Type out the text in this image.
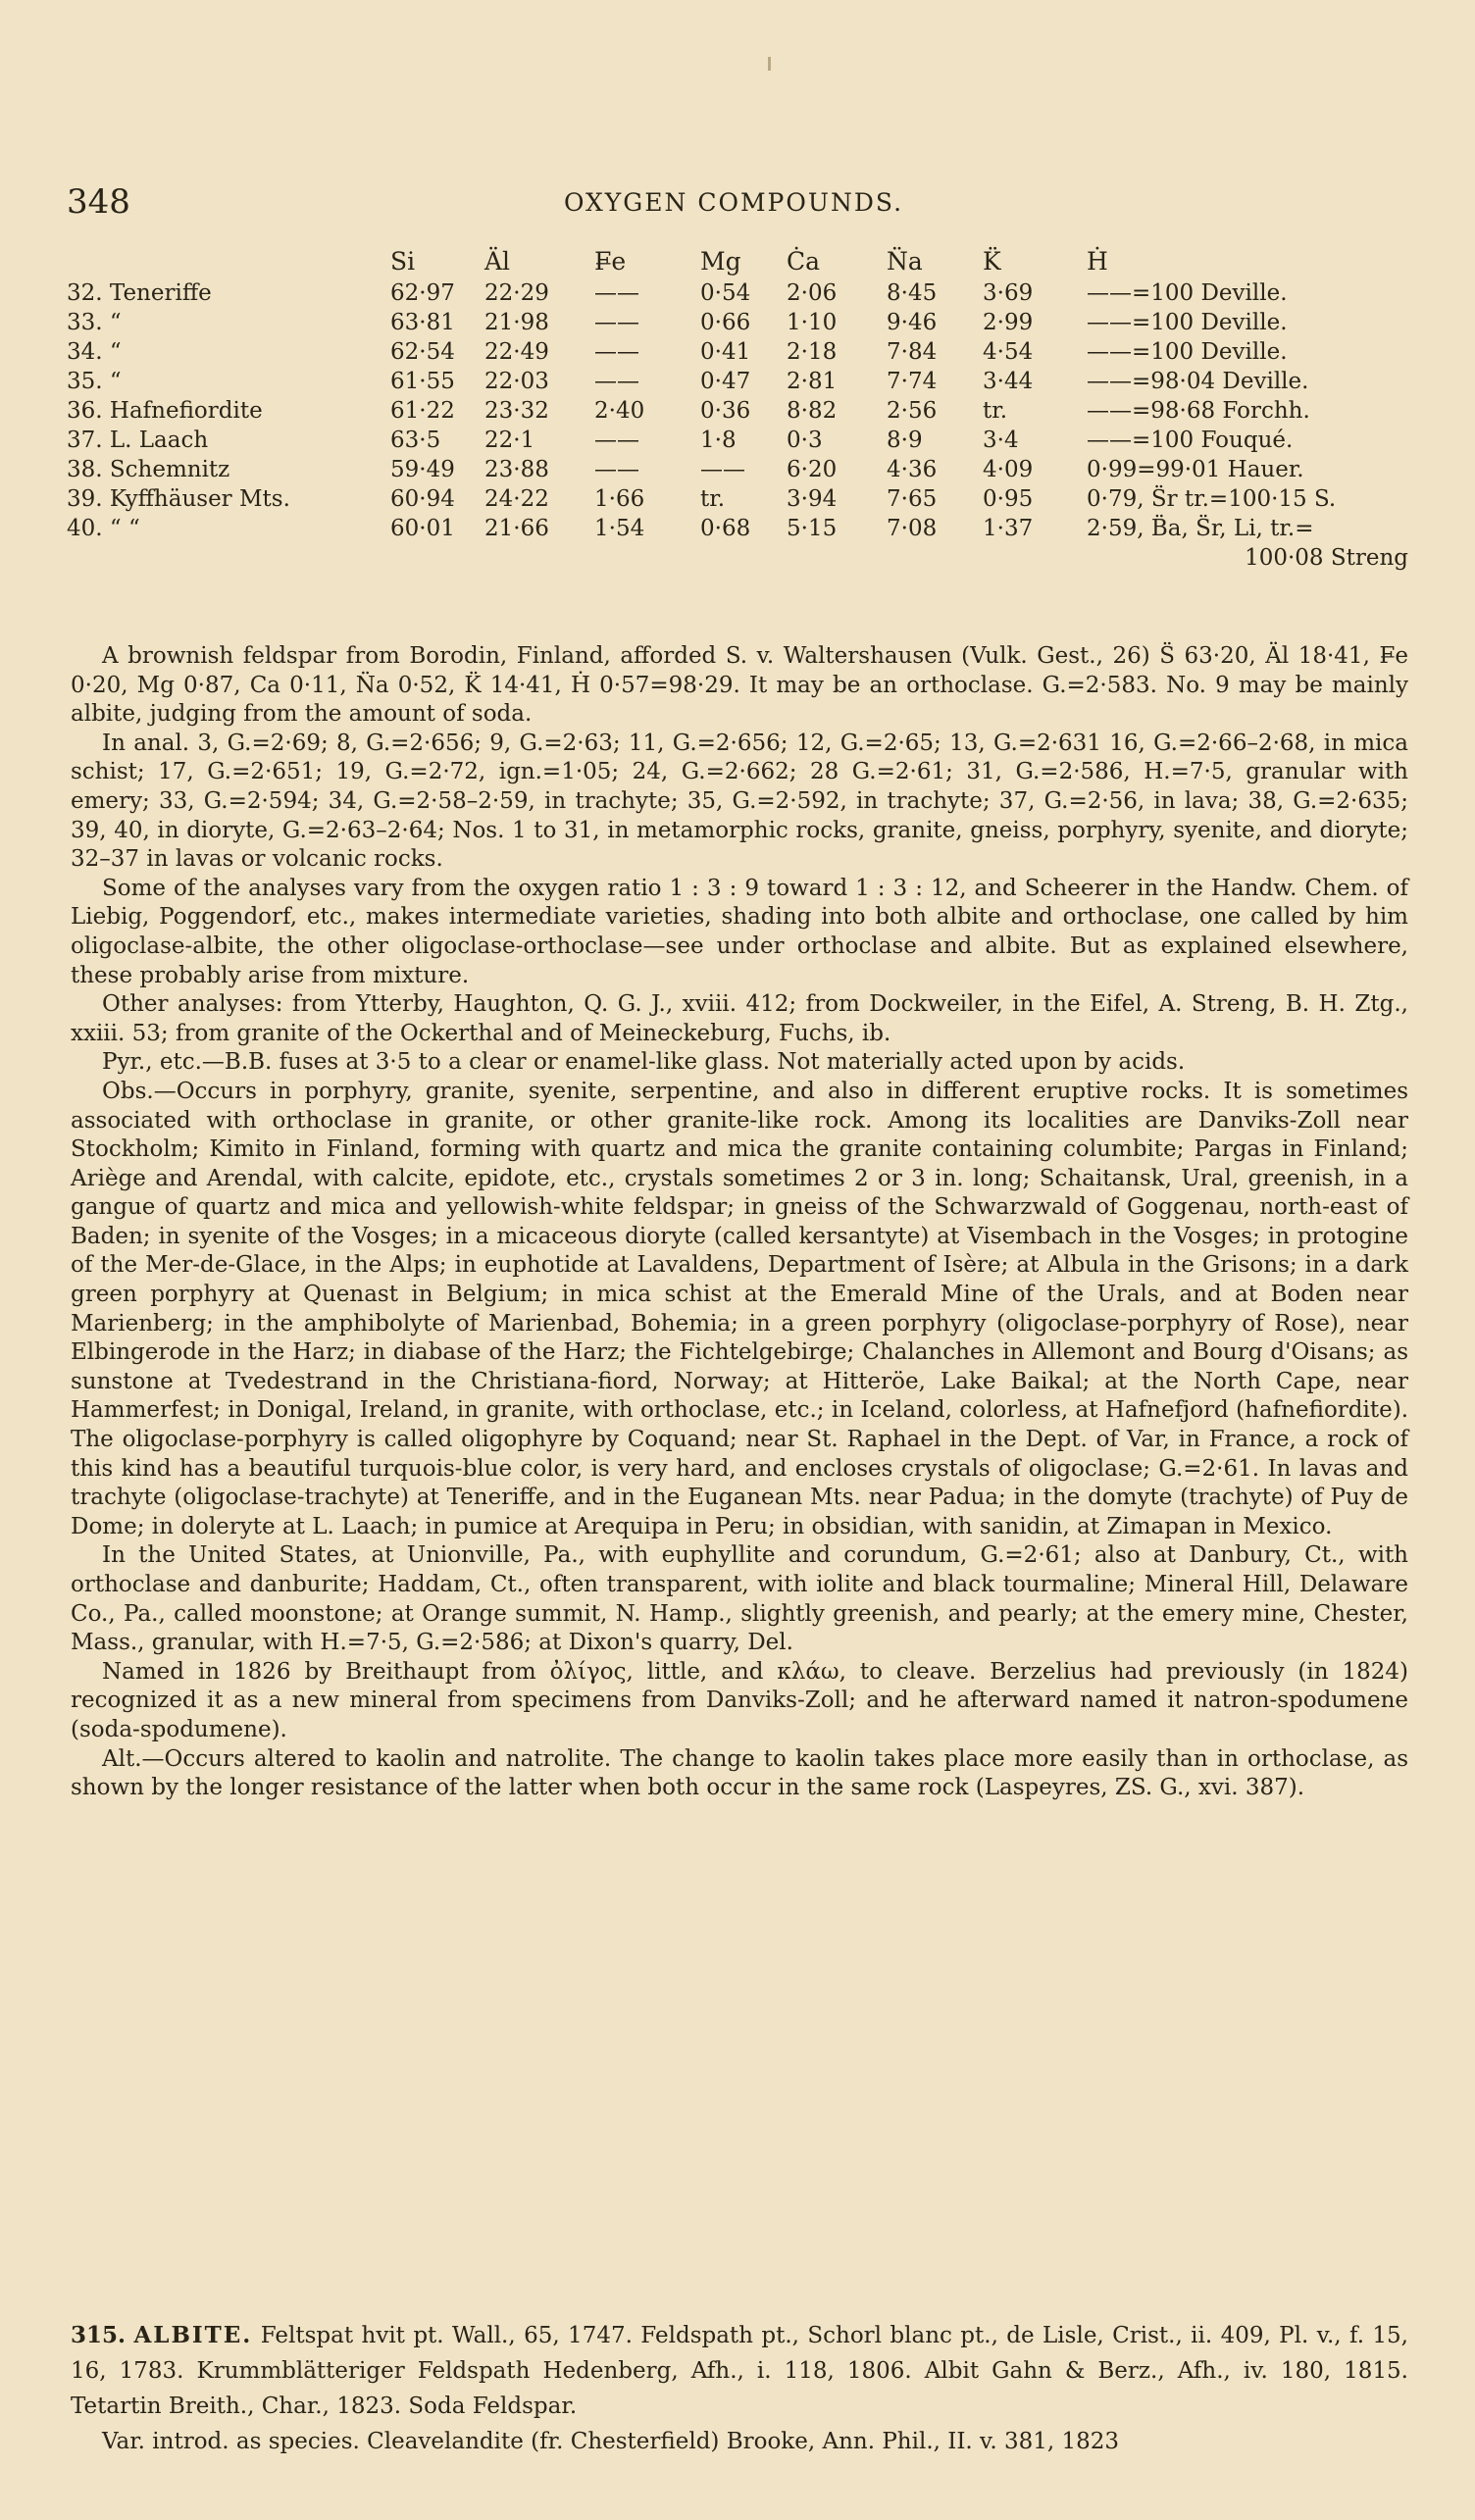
348	OXYGEN COMPOUNDS.
Si	Äl	F̶e	Mg Ċa	N̈a K̈	Ḣ
32. Teneriffe	62·97 22·29 ——	0·54 2·06 8·45 3·69 ——=100 Deville.
33. “	63·81 21·98 ——	0·66 1·10 9·46 2·99 ——=100 Deville.
34. “	62·54 22·49 ——	0·41 2·18 7·84 4·54 ——=100 Deville.
35. “	61·55 22·03 ——	0·47 2·81 7·74 3·44 ——=98·04 Deville.
36. Hafnefiordite	61·22 23·32 2·40 0·36 8·82 2·56 tr.	——=98·68 Forchh.
37. L. Laach	63·5 22·1	——	1·8 0·3	8·9	3·4	——=100 Fouqué.
38. Schemnitz	59·49 23·88 ——	—— 6·20 4·36 4·09 0·99=99·01 Hauer.
39. Kyffhäuser Mts.	60·94 24·22 1·66 tr.	3·94 7·65 0·95 0·79, S̈r tr.=100·15 S.
40. “ “	60·01 21·66 1·54 0·68 5·15 7·08 1·37 2·59, B̈a, S̈r, Li, tr.=
100·08 Streng

A brownish feldspar from Borodin, Finland, afforded S. v. Waltershausen (Vulk. Gest., 26) S̈ 63·20, Äl 18·41, F̶e 0·20, Mg 0·87, Ca 0·11, N̈a 0·52, K̈ 14·41, Ḣ 0·57=98·29. It may be an orthoclase. G.=2·583. No. 9 may be mainly albite, judging from the amount of soda.

In anal. 3, G.=2·69; 8, G.=2·656; 9, G.=2·63; 11, G.=2·656; 12, G.=2·65; 13, G.=2·631 16, G.=2·66–2·68, in mica schist; 17, G.=2·651; 19, G.=2·72, ign.=1·05; 24, G.=2·662; 28 G.=2·61; 31, G.=2·586, H.=7·5, granular with emery; 33, G.=2·594; 34, G.=2·58–2·59, in trachyte; 35, G.=2·592, in trachyte; 37, G.=2·56, in lava; 38, G.=2·635; 39, 40, in dioryte, G.=2·63–2·64; Nos. 1 to 31, in metamorphic rocks, granite, gneiss, porphyry, syenite, and dioryte; 32–37 in lavas or volcanic rocks.

Some of the analyses vary from the oxygen ratio 1 : 3 : 9 toward 1 : 3 : 12, and Scheerer in the Handw. Chem. of Liebig, Poggendorf, etc., makes intermediate varieties, shading into both albite and orthoclase, one called by him oligoclase-albite, the other oligoclase-orthoclase—see under orthoclase and albite. But as explained elsewhere, these probably arise from mixture.

Other analyses: from Ytterby, Haughton, Q. G. J., xviii. 412; from Dockweiler, in the Eifel, A. Streng, B. H. Ztg., xxiii. 53; from granite of the Ockerthal and of Meineckeburg, Fuchs, ib.

Pyr., etc.—B.B. fuses at 3·5 to a clear or enamel-like glass. Not materially acted upon by acids.

Obs.—Occurs in porphyry, granite, syenite, serpentine, and also in different eruptive rocks. It is sometimes associated with orthoclase in granite, or other granite-like rock. Among its localities are Danviks-Zoll near Stockholm; Kimito in Finland, forming with quartz and mica the granite containing columbite; Pargas in Finland; Ariège and Arendal, with calcite, epidote, etc., crystals sometimes 2 or 3 in. long; Schaitansk, Ural, greenish, in a gangue of quartz and mica and yellowish-white feldspar; in gneiss of the Schwarzwald of Goggenau, north-east of Baden; in syenite of the Vosges; in a micaceous dioryte (called kersantyte) at Visembach in the Vosges; in protogine of the Mer-de-Glace, in the Alps; in euphotide at Lavaldens, Department of Isère; at Albula in the Grisons; in a dark green porphyry at Quenast in Belgium; in mica schist at the Emerald Mine of the Urals, and at Boden near Marienberg; in the amphibolyte of Marienbad, Bohemia; in a green porphyry (oligoclase-porphyry of Rose), near Elbingerode in the Harz; in diabase of the Harz; the Fichtelgebirge; Chalanches in Allemont and Bourg d'Oisans; as sunstone at Tvedestrand in the Christiana-fiord, Norway; at Hitteröe, Lake Baikal; at the North Cape, near Hammerfest; in Donigal, Ireland, in granite, with orthoclase, etc.; in Iceland, colorless, at Hafnefjord (hafnefiordite). The oligoclase-porphyry is called oligophyre by Coquand; near St. Raphael in the Dept. of Var, in France, a rock of this kind has a beautiful turquois-blue color, is very hard, and encloses crystals of oligoclase; G.=2·61. In lavas and trachyte (oligoclase-trachyte) at Teneriffe, and in the Euganean Mts. near Padua; in the domyte (trachyte) of Puy de Dome; in doleryte at L. Laach; in pumice at Arequipa in Peru; in obsidian, with sanidin, at Zimapan in Mexico.

In the United States, at Unionville, Pa., with euphyllite and corundum, G.=2·61; also at Danbury, Ct., with orthoclase and danburite; Haddam, Ct., often transparent, with iolite and black tourmaline; Mineral Hill, Delaware Co., Pa., called moonstone; at Orange summit, N. Hamp., slightly greenish, and pearly; at the emery mine, Chester, Mass., granular, with H.=7·5, G.=2·586; at Dixon's quarry, Del.

Named in 1826 by Breithaupt from ὀλίγος, little, and κλάω, to cleave. Berzelius had previously (in 1824) recognized it as a new mineral from specimens from Danviks-Zoll; and he afterward named it natron-spodumene (soda-spodumene).

Alt.—Occurs altered to kaolin and natrolite. The change to kaolin takes place more easily than in orthoclase, as shown by the longer resistance of the latter when both occur in the same rock (Laspeyres, ZS. G., xvi. 387).

315. ALBITE. Feltspat hvit pt. Wall., 65, 1747. Feldspath pt., Schorl blanc pt., de Lisle, Crist., ii. 409, Pl. v., f. 15, 16, 1783. Krummblätteriger Feldspath Hedenberg, Afh., i. 118, 1806. Albit Gahn & Berz., Afh., iv. 180, 1815. Tetartin Breith., Char., 1823. Soda Feldspar.

Var. introd. as species. Cleavelandite (fr. Chesterfield) Brooke, Ann. Phil., II. v. 381, 1823
